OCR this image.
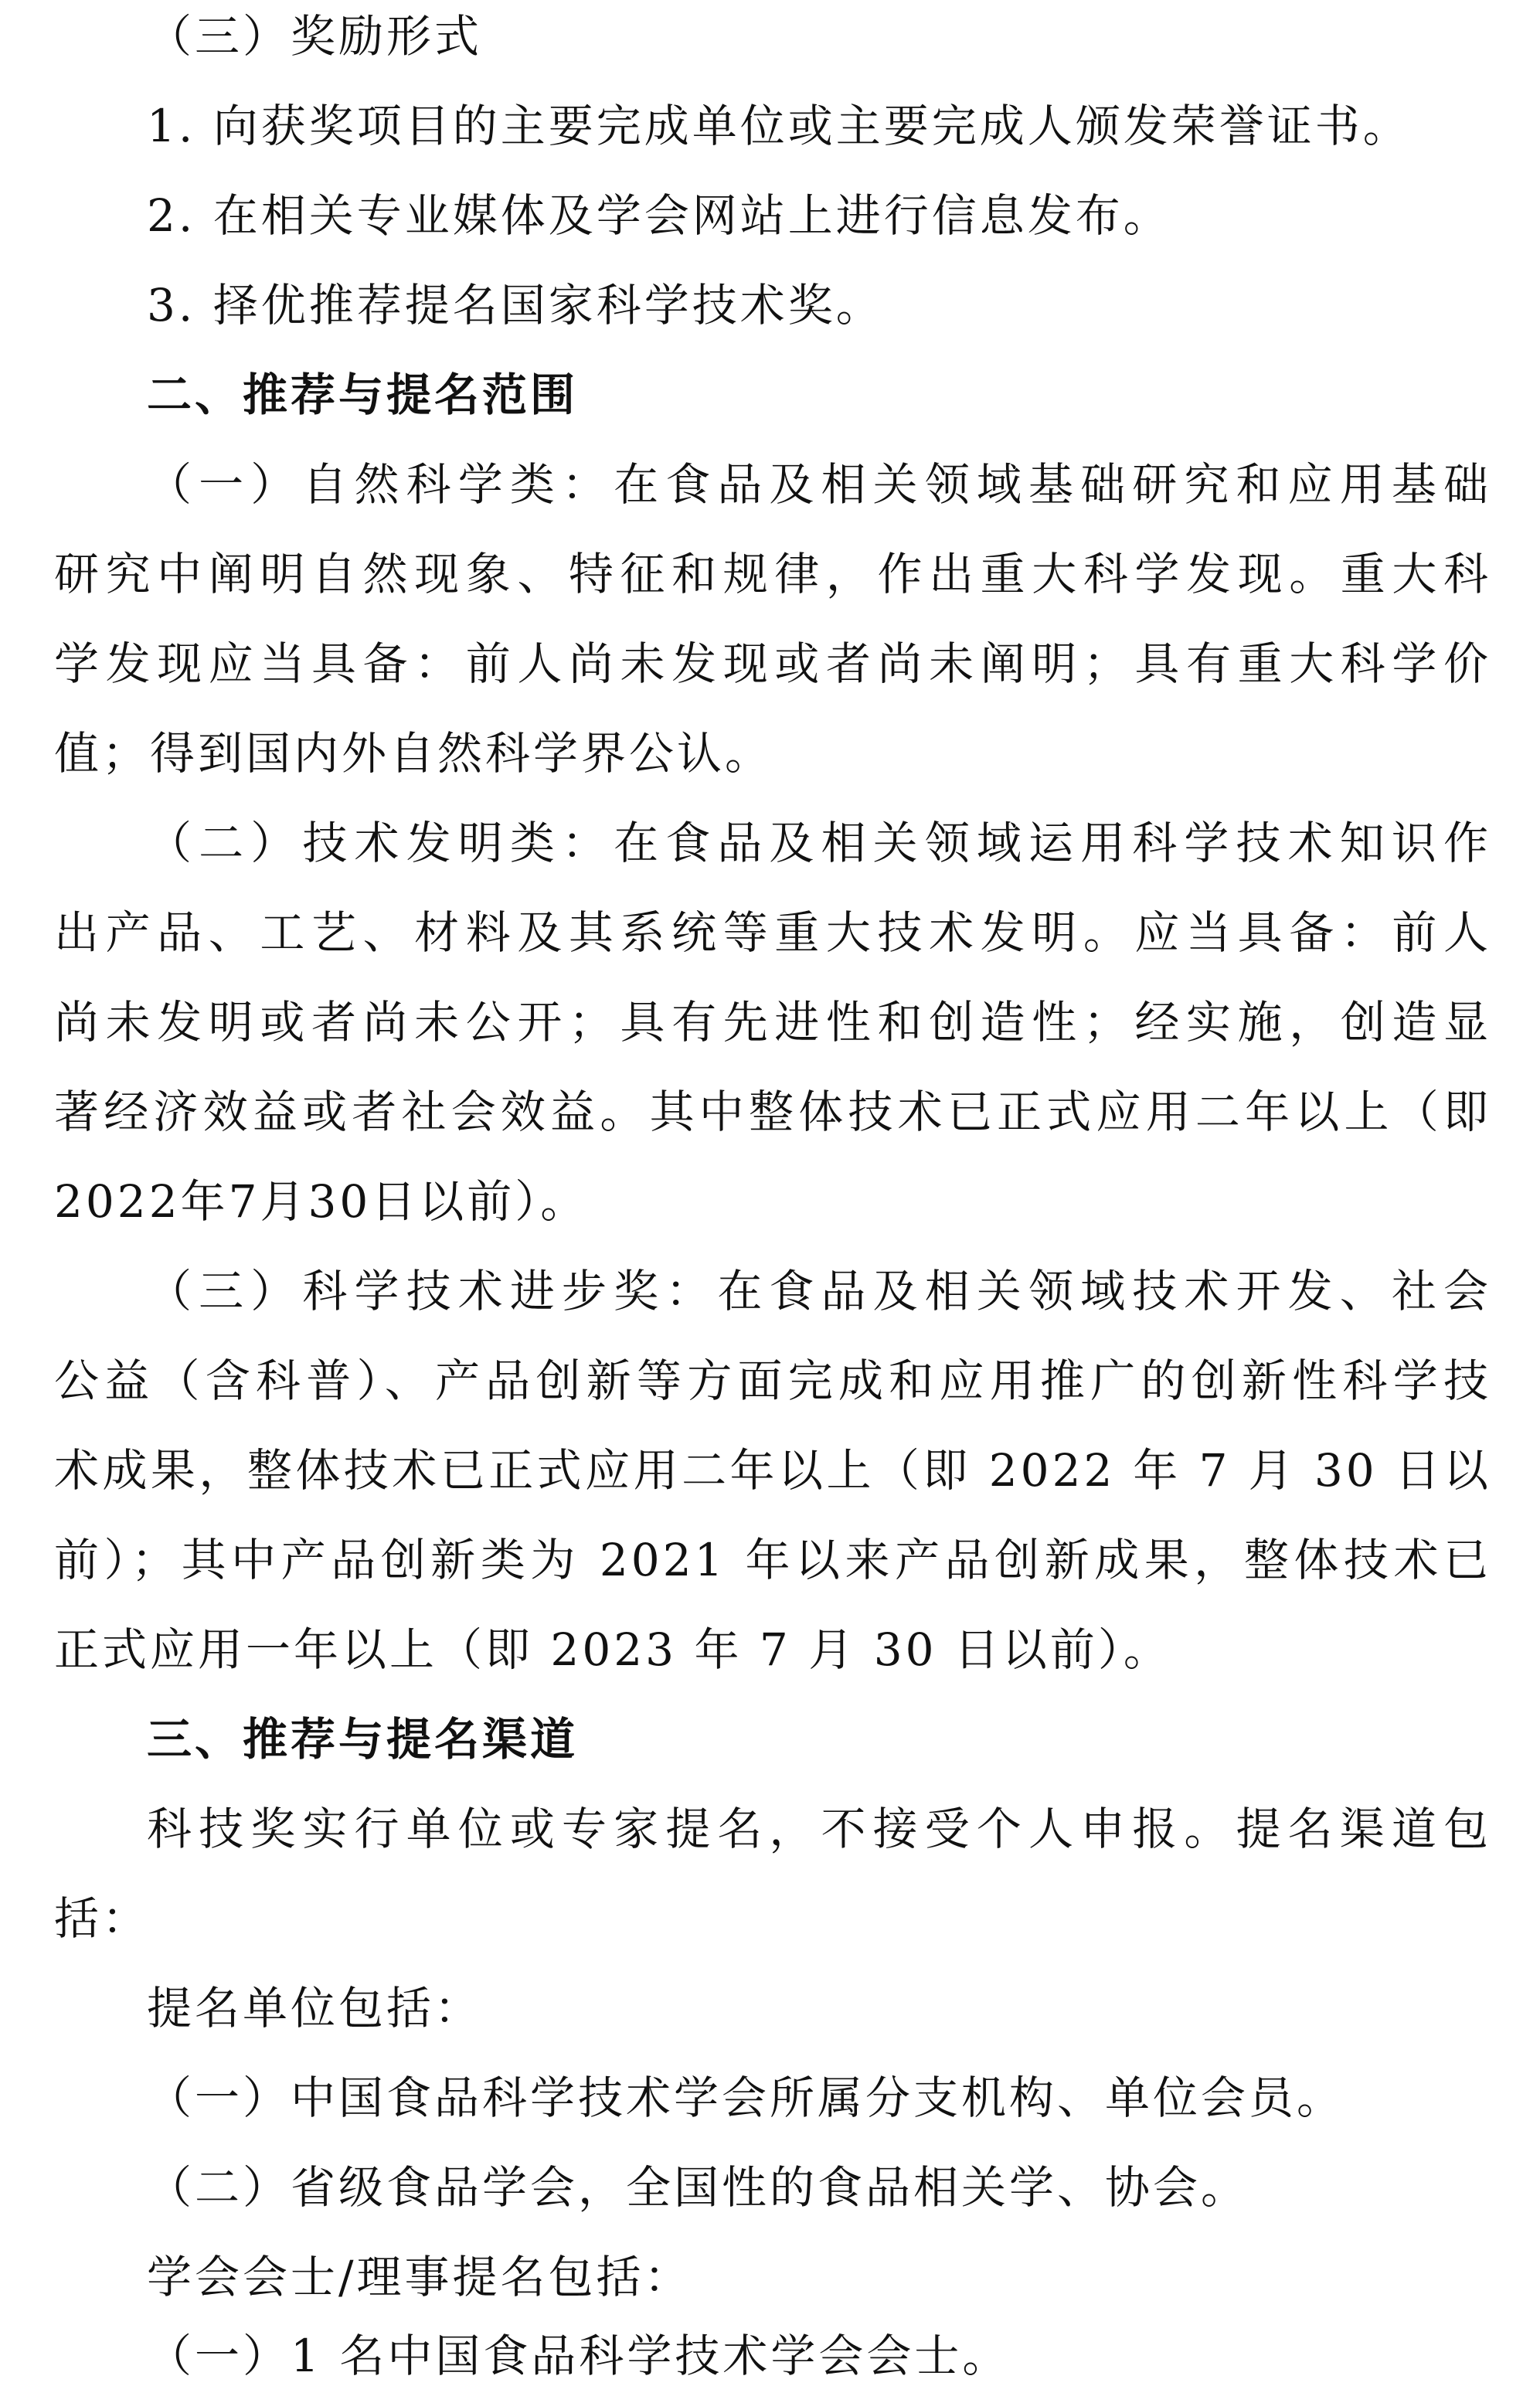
（三）奖励形式

1. 向获奖项目的主要完成单位或主要完成人颁发荣誉证书。

2. 在相关专业媒体及学会网站上进行信息发布。

3. 择优推荐提名国家科学技术奖。

二、推荐与提名范围

（一）自然科学类：在食品及相关领域基础研究和应用基础

研究中阐明自然现象、特征和规律，作出重大科学发现。重大科

学发现应当具备：前人尚未发现或者尚未阐明；具有重大科学价

值；得到国内外自然科学界公认。

（二）技术发明类：在食品及相关领域运用科学技术知识作

出产品、工艺、材料及其系统等重大技术发明。应当具备：前人

尚未发明或者尚未公开；具有先进性和创造性；经实施，创造显

著经济效益或者社会效益。其中整体技术已正式应用二年以上（即

2022年7月30日以前）。

（三）科学技术进步奖：在食品及相关领域技术开发、社会

公益（含科普）、产品创新等方面完成和应用推广的创新性科学技

术成果，整体技术已正式应用二年以上（即 2022 年 7 月 30 日以

前）；其中产品创新类为 2021 年以来产品创新成果，整体技术已

正式应用一年以上（即 2023 年 7 月 30 日以前）。

三、推荐与提名渠道

科技奖实行单位或专家提名，不接受个人申报。提名渠道包

括：

提名单位包括：

（一）中国食品科学技术学会所属分支机构、单位会员。

（二）省级食品学会，全国性的食品相关学、协会。

学会会士/理事提名包括：

（一）1 名中国食品科学技术学会会士。
